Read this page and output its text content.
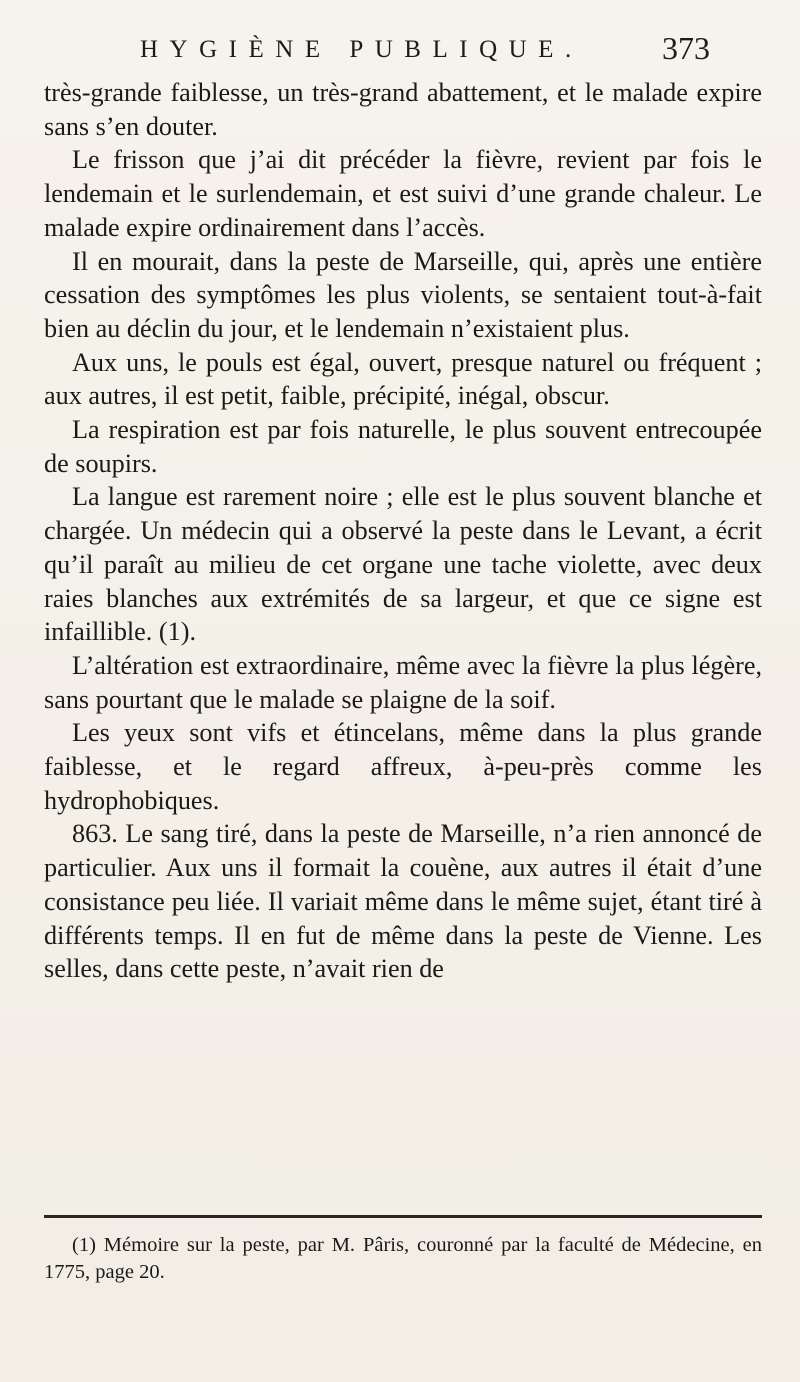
HYGIÈNE PUBLIQUE. 373

très-grande faiblesse, un très-grand abattement, et le malade expire sans s’en douter.

Le frisson que j’ai dit précéder la fièvre, revient par fois le lendemain et le surlendemain, et est suivi d’une grande chaleur. Le malade expire ordinairement dans l’accès.

Il en mourait, dans la peste de Marseille, qui, après une entière cessation des symptômes les plus violents, se sentaient tout-à-fait bien au déclin du jour, et le lendemain n’existaient plus.

Aux uns, le pouls est égal, ouvert, presque naturel ou fréquent ; aux autres, il est petit, faible, précipité, inégal, obscur.

La respiration est par fois naturelle, le plus souvent entrecoupée de soupirs.

La langue est rarement noire ; elle est le plus souvent blanche et chargée. Un médecin qui a observé la peste dans le Levant, a écrit qu’il paraît au milieu de cet organe une tache violette, avec deux raies blanches aux extrémités de sa largeur, et que ce signe est infaillible. (1).

L’altération est extraordinaire, même avec la fièvre la plus légère, sans pourtant que le malade se plaigne de la soif.

Les yeux sont vifs et étincelans, même dans la plus grande faiblesse, et le regard affreux, à-peu-près comme les hydrophobiques.

863. Le sang tiré, dans la peste de Marseille, n’a rien annoncé de particulier. Aux uns il formait la couène, aux autres il était d’une consistance peu liée. Il variait même dans le même sujet, étant tiré à différents temps. Il en fut de même dans la peste de Vienne. Les selles, dans cette peste, n’avait rien de

(1) Mémoire sur la peste, par M. Pâris, couronné par la faculté de Médecine, en 1775, page 20.
